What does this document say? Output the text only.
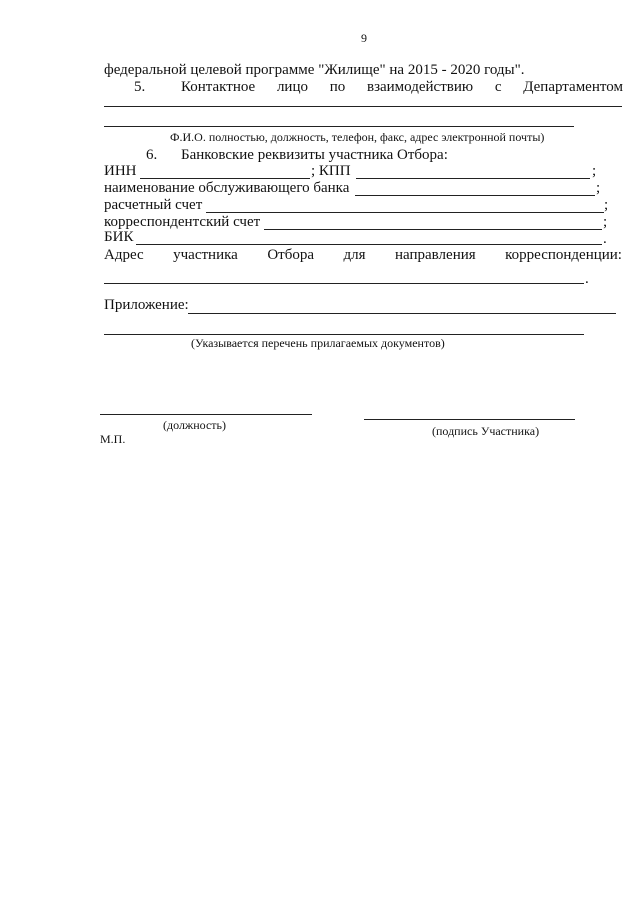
9
федеральной целевой программе "Жилище" на 2015 - 2020 годы".
5. Контактное лицо по взаимодействию с Департаментом
Ф.И.О. полностью, должность, телефон, факс, адрес электронной почты)
6. Банковские реквизиты участника Отбора:
ИНН	; КПП	;
наименование обслуживающего банка	;
расчетный счет	;
корреспондентский счет	;
БИК	.
Адрес участника Отбора для направления корреспонденции:
.
Приложение:
(Указывается перечень прилагаемых документов)
(должность)	(подпись Участника)
М.П.
